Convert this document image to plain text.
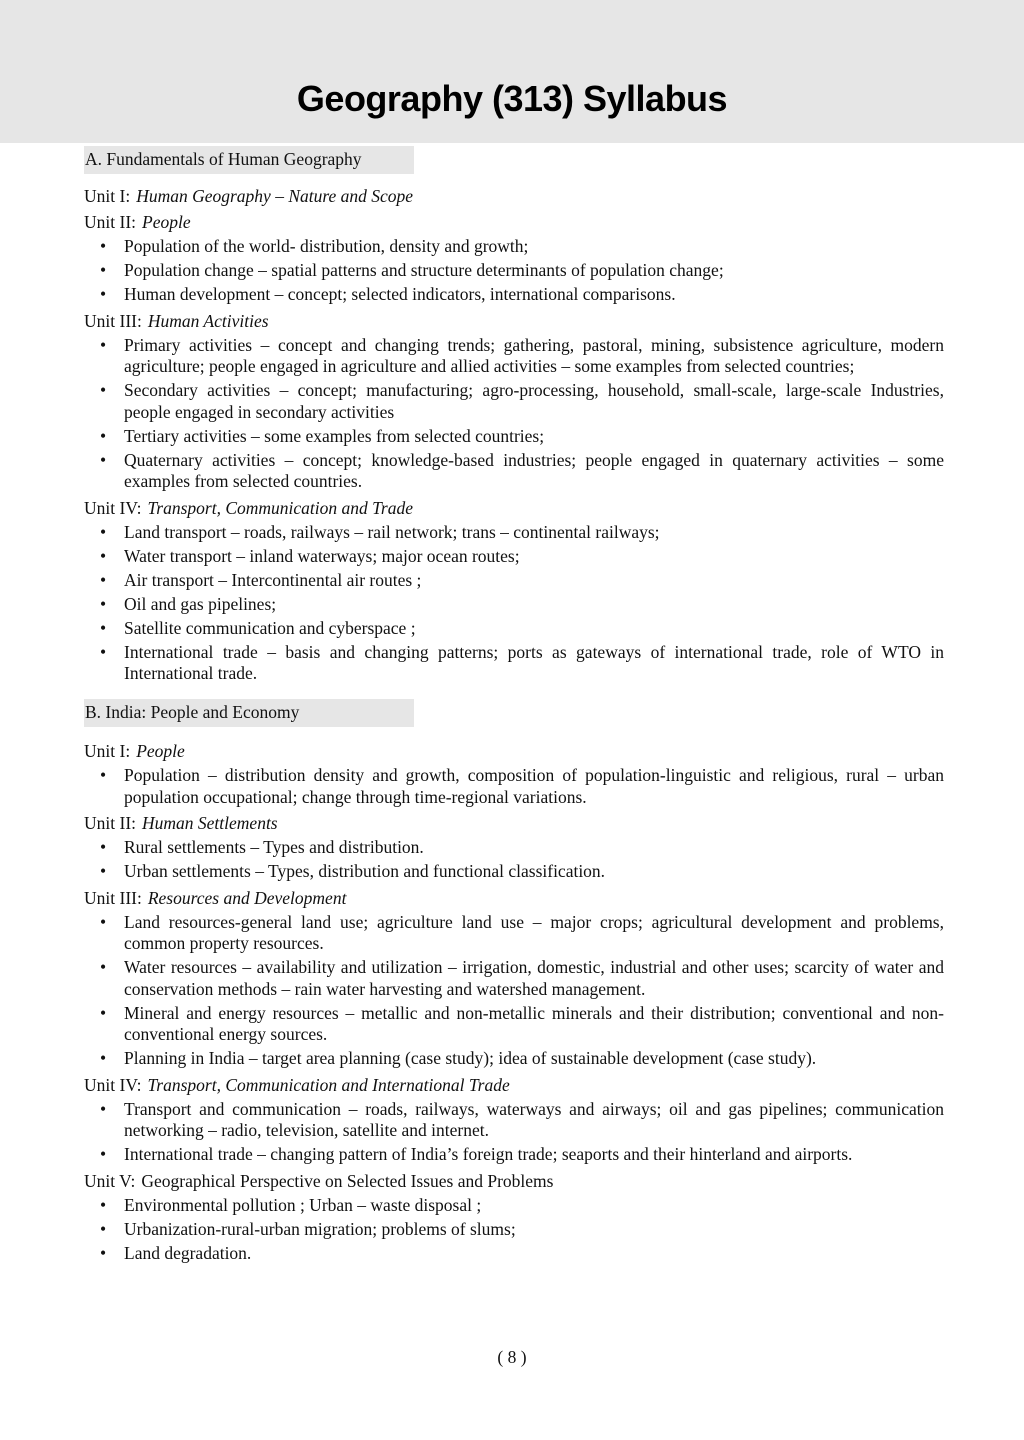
Geography (313) Syllabus
A. Fundamentals of Human Geography

Unit I: Human Geography – Nature and Scope
Unit II: People
• Population of the world- distribution, density and growth;
• Population change – spatial patterns and structure determinants of population change;
• Human development – concept; selected indicators, international comparisons.
Unit III: Human Activities
• Primary activities – concept and changing trends; gathering, pastoral, mining, subsistence agriculture, modern agriculture; people engaged in agriculture and allied activities – some examples from selected countries;
• Secondary activities – concept; manufacturing; agro-processing, household, small-scale, large-scale Industries, people engaged in secondary activities
• Tertiary activities – some examples from selected countries;
• Quaternary activities – concept; knowledge-based industries; people engaged in quaternary activities – some examples from selected countries.
Unit IV: Transport, Communication and Trade
• Land transport – roads, railways – rail network; trans – continental railways;
• Water transport – inland waterways; major ocean routes;
• Air transport – Intercontinental air routes ;
• Oil and gas pipelines;
• Satellite communication and cyberspace ;
• International trade – basis and changing patterns; ports as gateways of international trade, role of WTO in International trade.
B. India: People and Economy

Unit I: People
• Population – distribution density and growth, composition of population-linguistic and religious, rural – urban population occupational; change through time-regional variations.
Unit II: Human Settlements
• Rural settlements – Types and distribution.
• Urban settlements – Types, distribution and functional classification.
Unit III: Resources and Development
• Land resources-general land use; agriculture land use – major crops; agricultural development and problems, common property resources.
• Water resources – availability and utilization – irrigation, domestic, industrial and other uses; scarcity of water and conservation methods – rain water harvesting and watershed management.
• Mineral and energy resources – metallic and non-metallic minerals and their distribution; conventional and non-conventional energy sources.
• Planning in India – target area planning (case study); idea of sustainable development (case study).
Unit IV: Transport, Communication and International Trade
• Transport and communication – roads, railways, waterways and airways; oil and gas pipelines; communication networking – radio, television, satellite and internet.
• International trade – changing pattern of India’s foreign trade; seaports and their hinterland and airports.
Unit V: Geographical Perspective on Selected Issues and Problems
• Environmental pollution ; Urban – waste disposal ;
• Urbanization-rural-urban migration; problems of slums;
• Land degradation.
( 8 )
